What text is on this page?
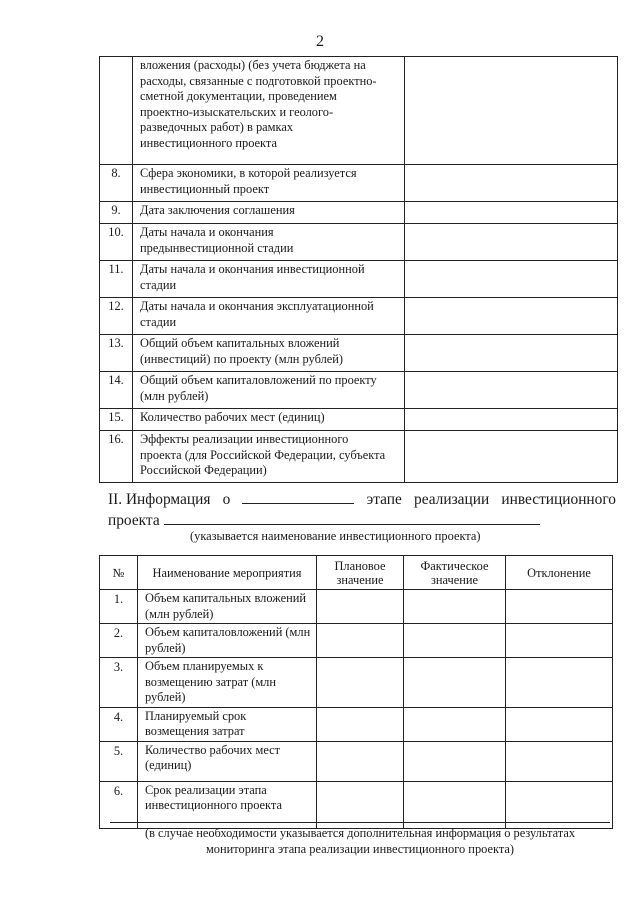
2

	вложения (расходы) (без учета бюджета на расходы, связанные с подготовкой проектно-сметной документации, проведением проектно-изыскательских и геолого-разведочных работ) в рамках инвестиционного проекта	

8.	Сфера экономики, в которой реализуется инвестиционный проект	

9.	Дата заключения соглашения	

10.	Даты начала и окончания предынвестиционной стадии	

11.	Даты начала и окончания инвестиционной стадии	

12.	Даты начала и окончания эксплуатационной стадии	

13.	Общий объем капитальных вложений (инвестиций) по проекту (млн рублей)	

14.	Общий объем капиталовложений по проекту (млн рублей)	

15.	Количество рабочих мест (единиц)	

16.	Эффекты реализации инвестиционного проекта (для Российской Федерации, субъекта Российской Федерации)	

II. Информация о	этапе реализации инвестиционного
проекта
(указывается наименование инвестиционного проекта)
№	Наименование мероприятия	Плановое значение	Фактическое значение	Отклонение
1.	Объем капитальных вложений (млн рублей)			
2.	Объем капиталовложений (млн рублей)			
3.	Объем планируемых к возмещению затрат (млн рублей)			
4.	Планируемый срок возмещения затрат			
5.	Количество рабочих мест (единиц)			
6.	Срок реализации этапа инвестиционного проекта			
(в случае необходимости указывается дополнительная информация о результатах мониторинга этапа реализации инвестиционного проекта)
